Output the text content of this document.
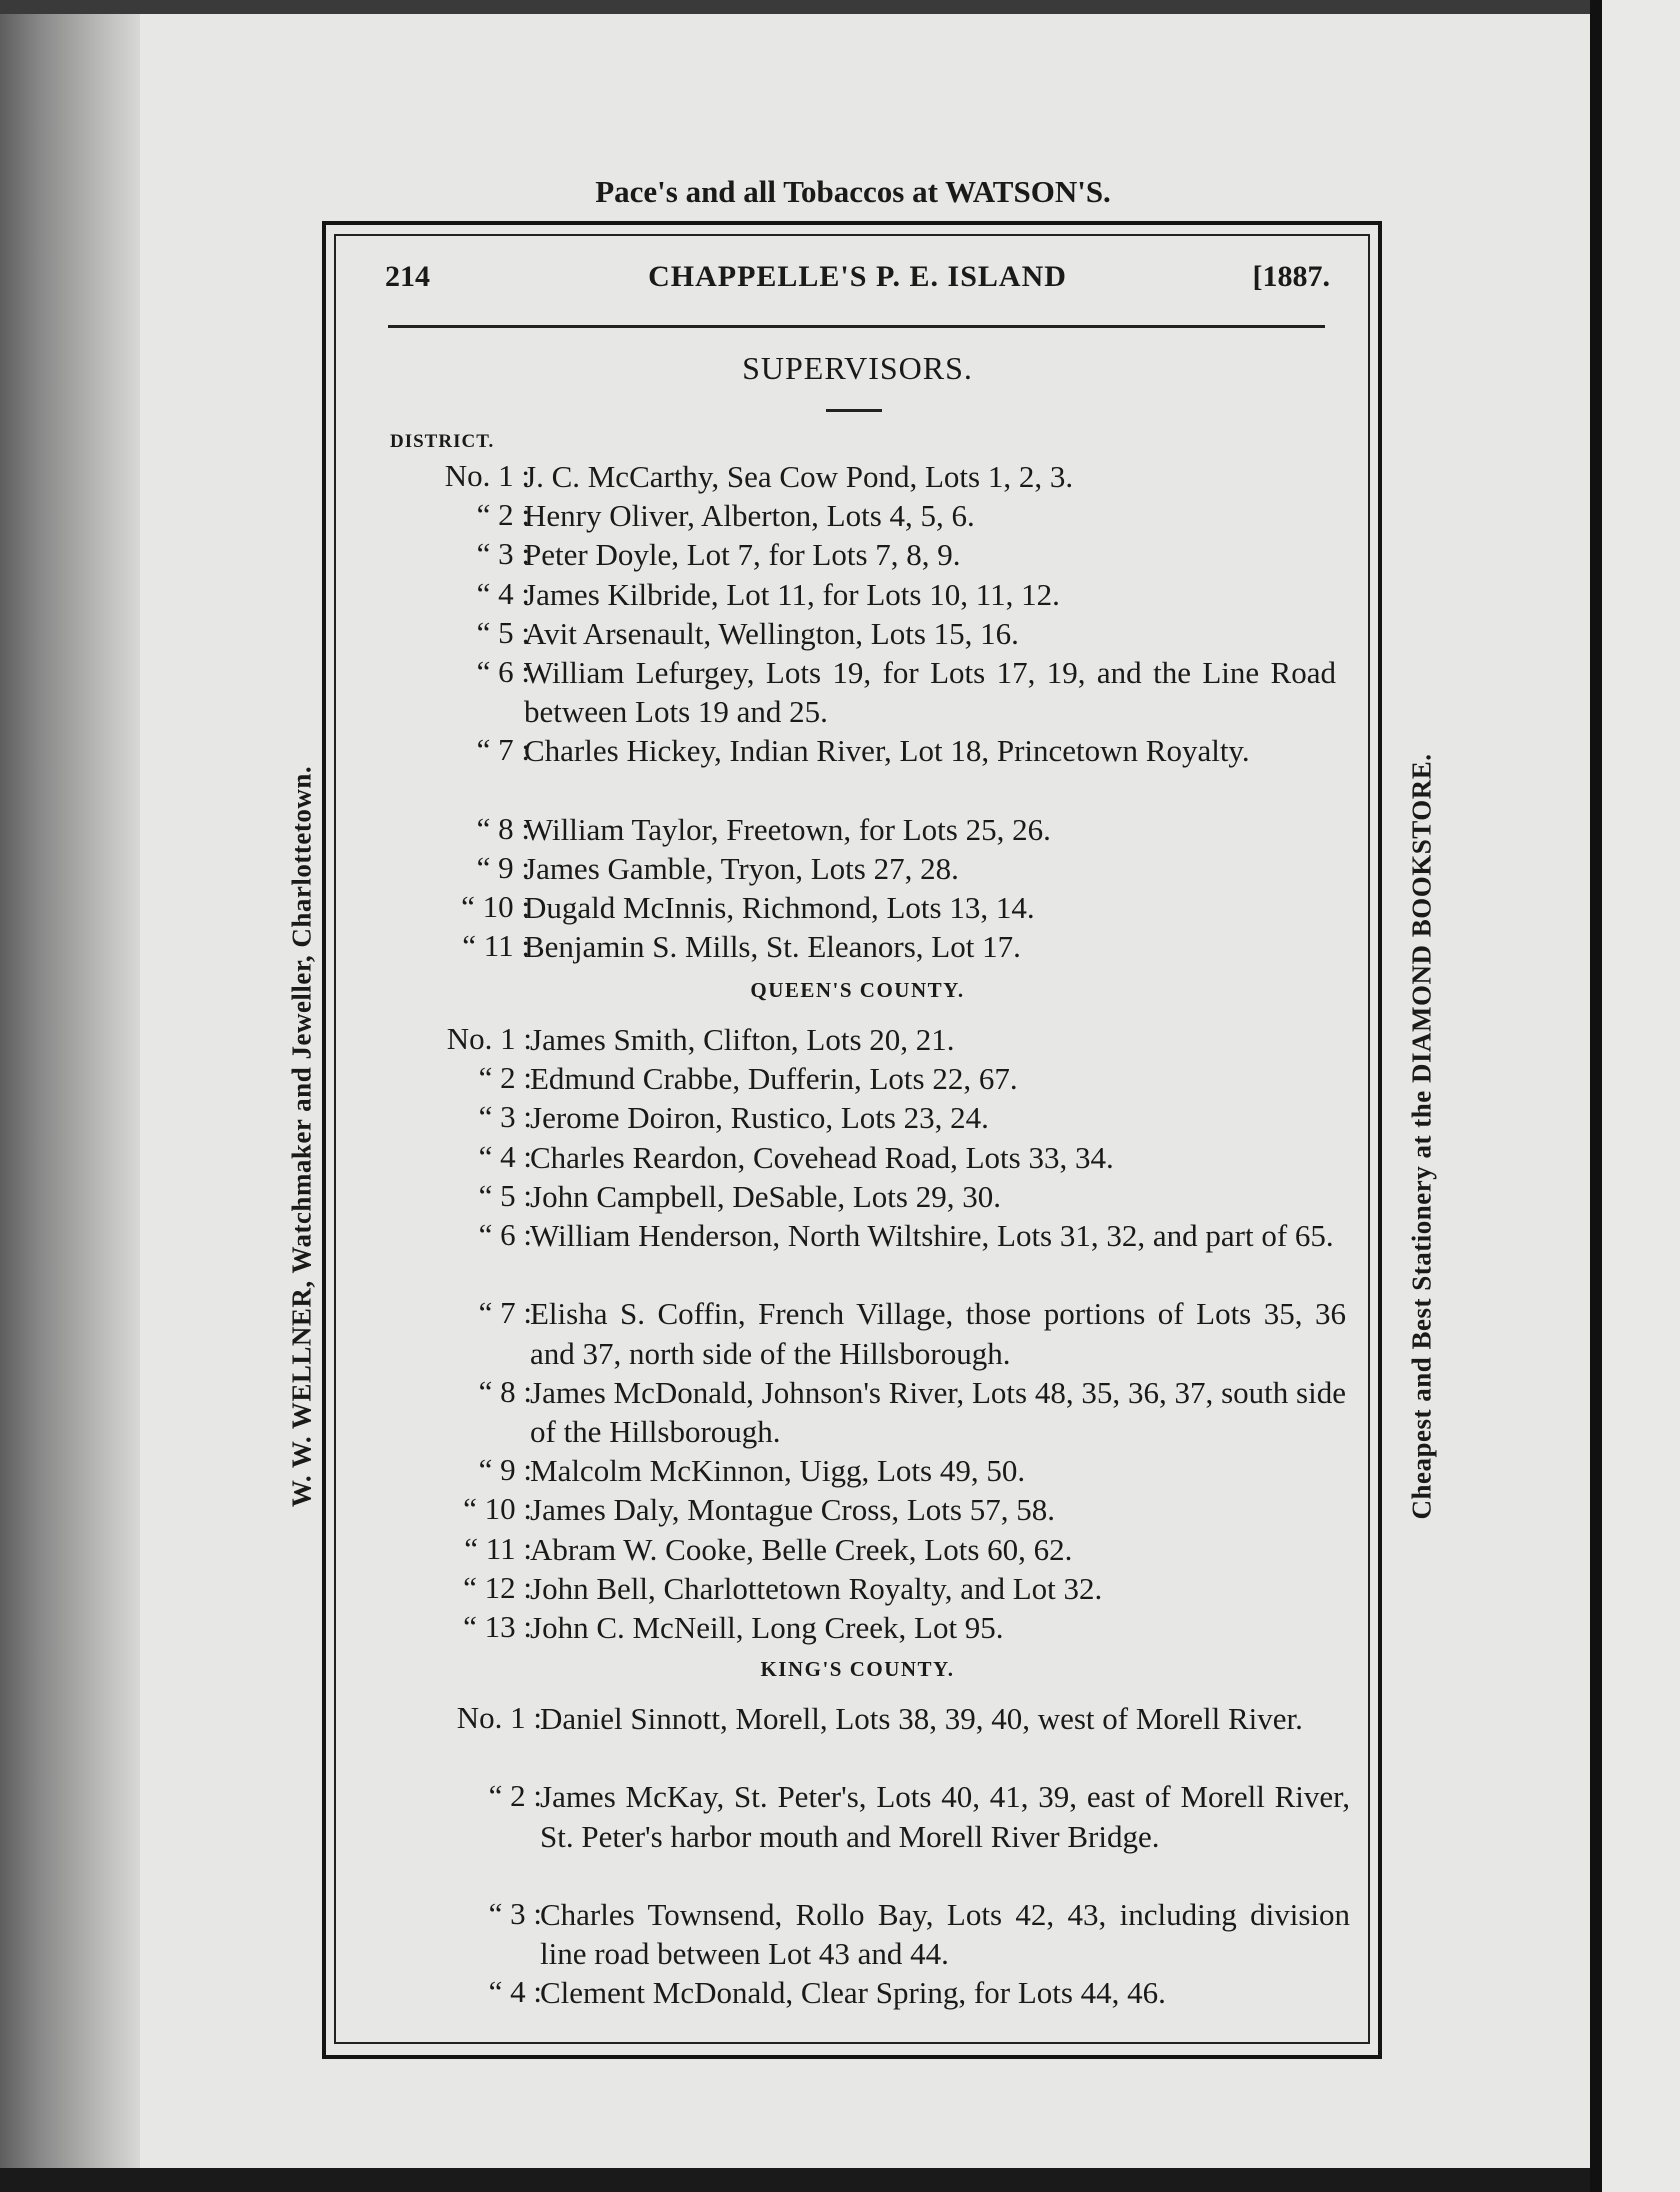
Pace's and all Tobaccos at WATSON'S.
W. W. WELLNER, Watchmaker and Jeweller, Charlottetown.	Cheapest and Best Stationery at the DIAMOND BOOKSTORE.
CHAPPELLE'S P. E. ISLAND
214	[1887.
SUPERVISORS.
DISTRICT.
QUEEN'S COUNTY.
KING'S COUNTY.
No. 1 :
J. C. McCarthy, Sea Cow Pond, Lots 1, 2, 3.
“ 2 :
Henry Oliver, Alberton, Lots 4, 5, 6.
“ 3 :
Peter Doyle, Lot 7, for Lots 7, 8, 9.
“ 4 :
James Kilbride, Lot 11, for Lots 10, 11, 12.
“ 5 :
Avit Arsenault, Wellington, Lots 15, 16.
“ 6 :
William Lefurgey, Lots 19, for Lots 17, 19, and the Line Road between Lots 19 and 25.
“ 7 :
Charles Hickey, Indian River, Lot 18, Princetown Royalty.
“ 8 :
William Taylor, Freetown, for Lots 25, 26.
“ 9 :
James Gamble, Tryon, Lots 27, 28.
“ 10 :
Dugald McInnis, Richmond, Lots 13, 14.
“ 11 :
Benjamin S. Mills, St. Eleanors, Lot 17.
No. 1 :
James Smith, Clifton, Lots 20, 21.
“ 2 :
Edmund Crabbe, Dufferin, Lots 22, 67.
“ 3 :
Jerome Doiron, Rustico, Lots 23, 24.
“ 4 :
Charles Reardon, Covehead Road, Lots 33, 34.
“ 5 :
John Campbell, DeSable, Lots 29, 30.
“ 6 :
William Henderson, North Wiltshire, Lots 31, 32, and part of 65.
“ 7 :
Elisha S. Coffin, French Village, those portions of Lots 35, 36 and 37, north side of the Hillsborough.
“ 8 :
James McDonald, Johnson's River, Lots 48, 35, 36, 37, south side of the Hillsborough.
“ 9 :
Malcolm McKinnon, Uigg, Lots 49, 50.
“ 10 :
James Daly, Montague Cross, Lots 57, 58.
“ 11 :
Abram W. Cooke, Belle Creek, Lots 60, 62.
“ 12 :
John Bell, Charlottetown Royalty, and Lot 32.
“ 13 :
John C. McNeill, Long Creek, Lot 95.
No. 1 :
Daniel Sinnott, Morell, Lots 38, 39, 40, west of Morell River.
“ 2 :
James McKay, St. Peter's, Lots 40, 41, 39, east of Morell River, St. Peter's harbor mouth and Morell River Bridge.
“ 3 :
Charles Townsend, Rollo Bay, Lots 42, 43, including division line road between Lot 43 and 44.
“ 4 :
Clement McDonald, Clear Spring, for Lots 44, 46.
